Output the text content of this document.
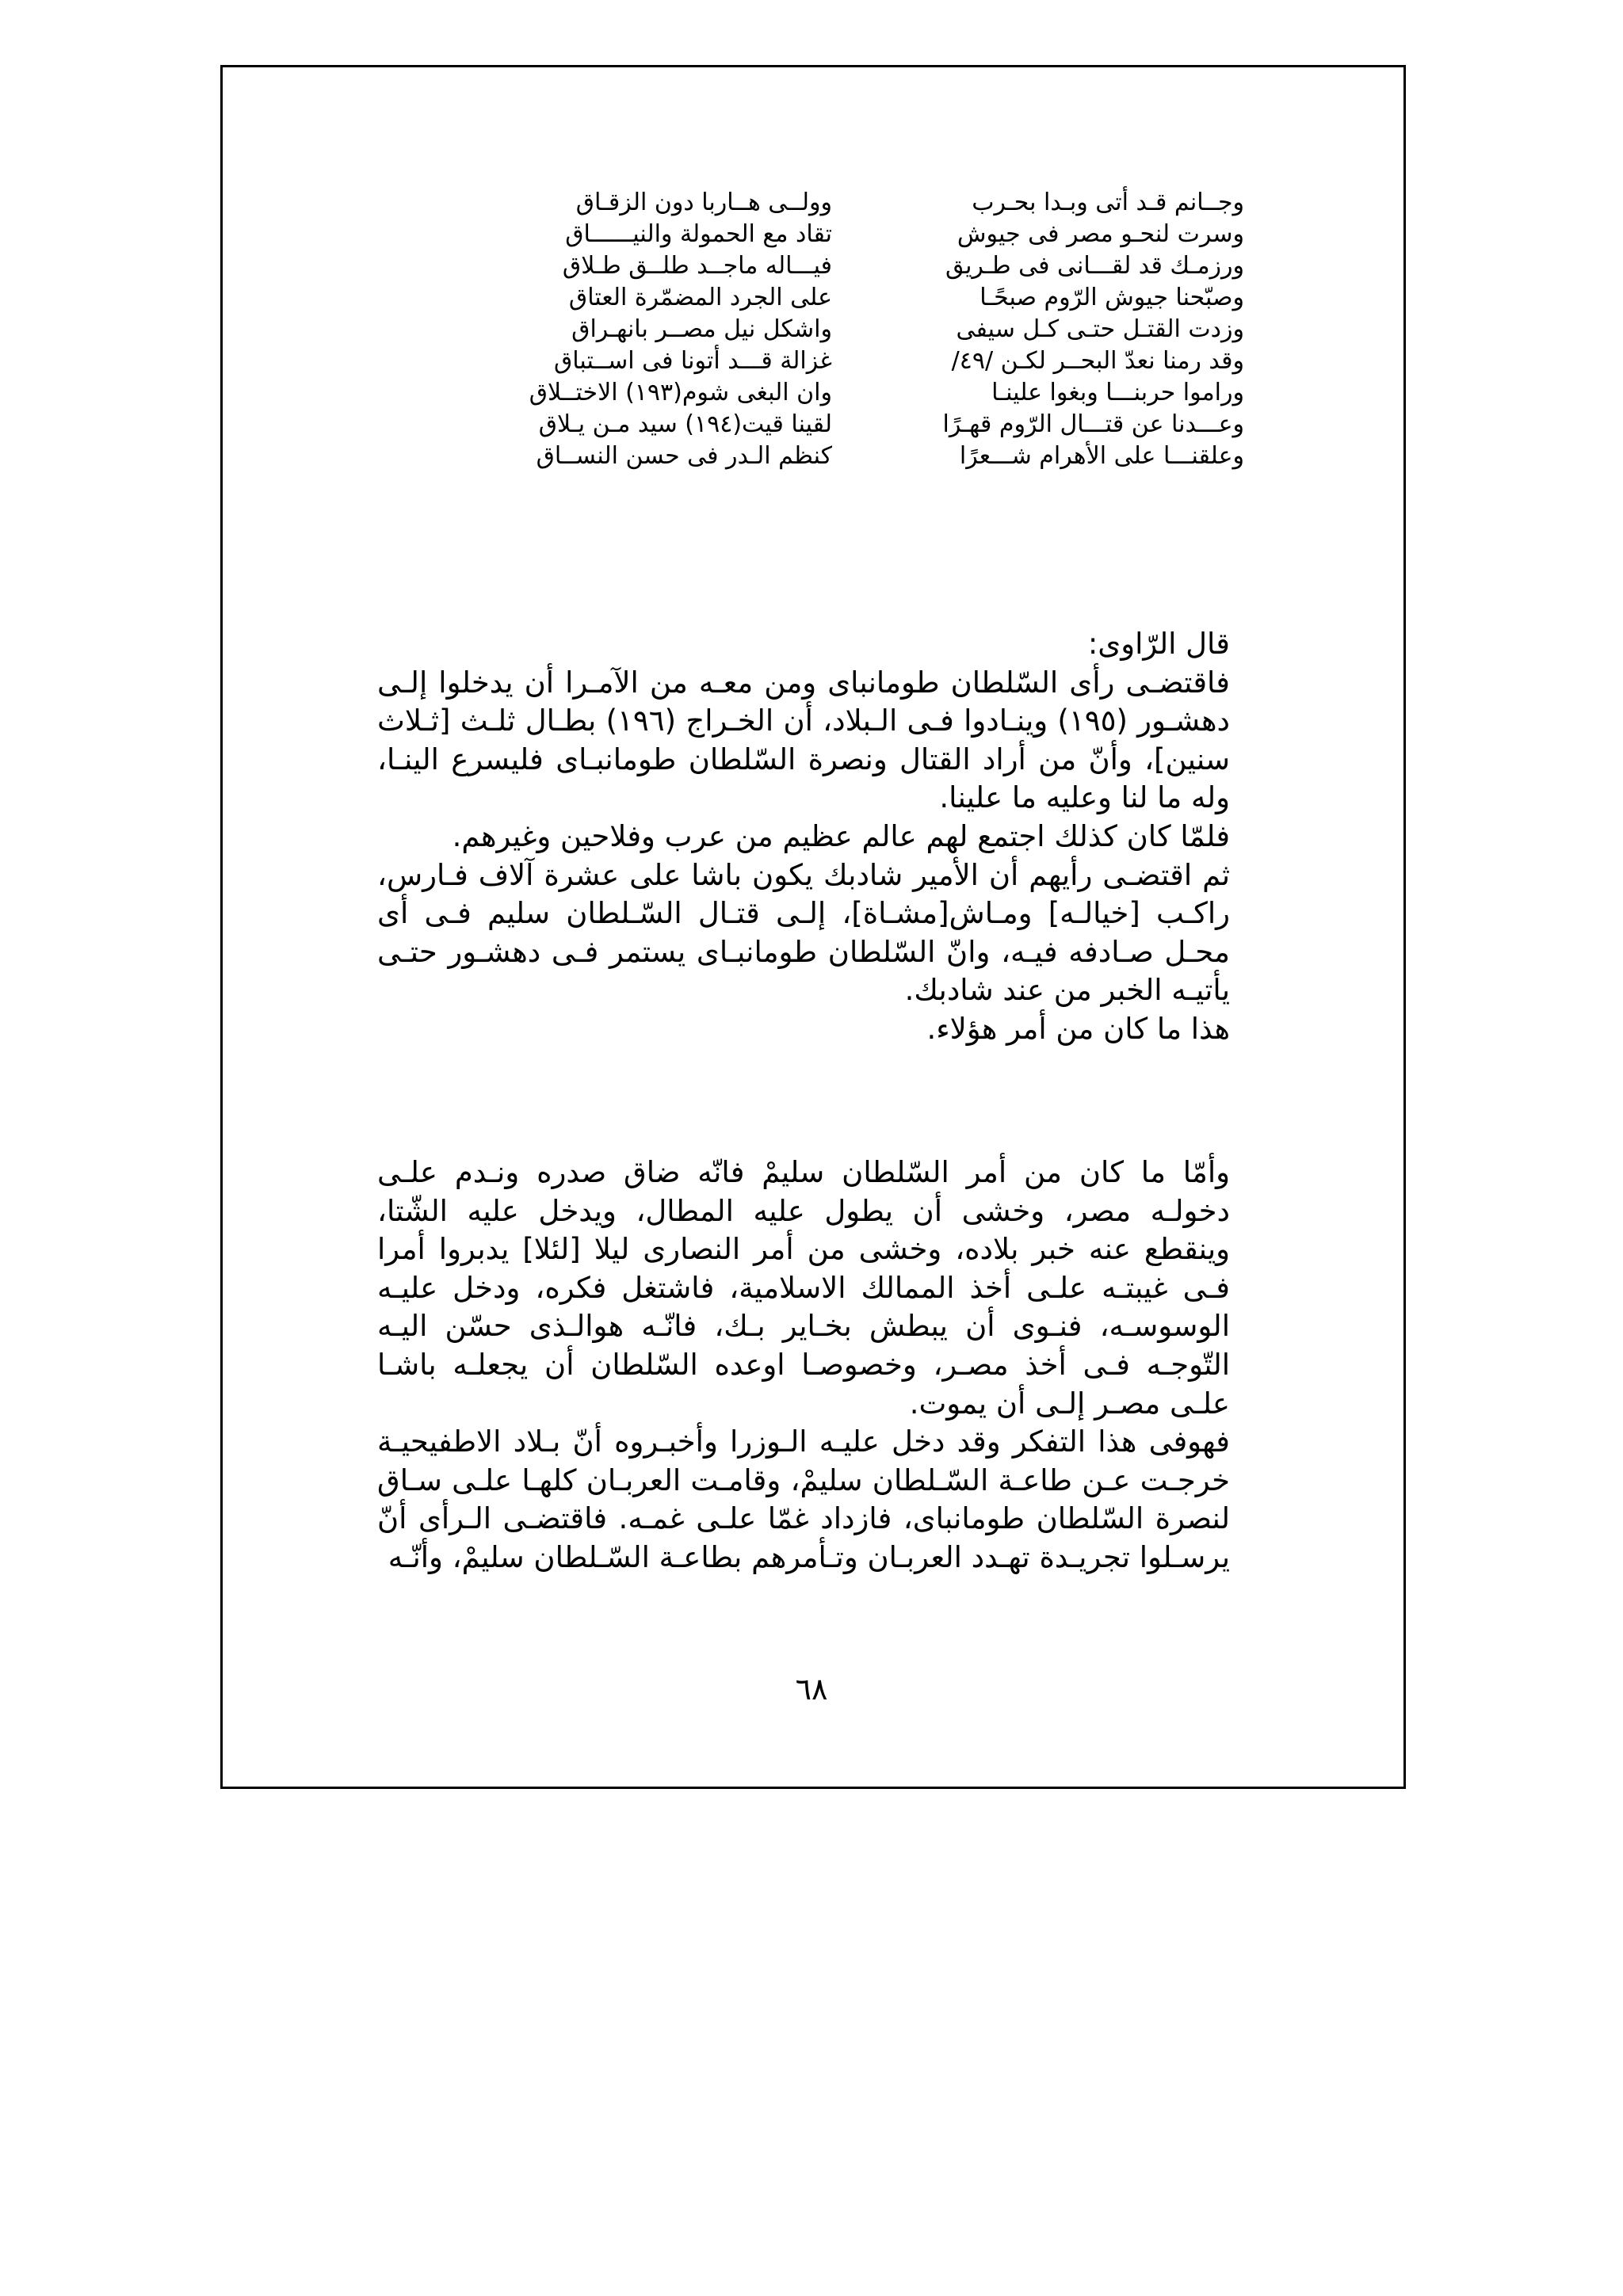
وجــانم قـد أتى وبـدا بحـرب
وسرت لنحـو مصر فى جيوش
ورزمـك قد لقـــانى فى طـريق
وصبّحنا جيوش الرّوم صبحًـا
وزدت القتـل حتـى كـل سيفى
وقد رمنا نعدّ البحــر لكـن /٤٩/
وراموا حربنـــا وبغوا علينـا
وعـــدنا عن قتـــال الرّوم قهـرًا
وعلقنـــا على الأهرام شـــعرًا
وولــى هــاربا دون الزقـاق
تقاد مع الحمولة والنيــــــاق
فيـــاله ماجــد طلــق طـلاق
على الجرد المضمّرة العتاق
واشكل نيل مصــر بانهـراق
غزالة قـــد أتونا فى اســتباق
وان البغى شوم(١٩٣) الاختــلاق
لقينا قيت(١٩٤) سيد مـن يـلاق
كنظم الـدر فى حسن النســاق

قال الرّاوى:

فاقتضـى رأى السّلطان طومانباى ومن معـه من الآمـرا أن يدخلوا إلـى دهشـور (١٩٥) وينـادوا فـى الـبلاد، أن الخـراج (١٩٦) بطـال ثلـث [ثـلاث سنين]، وأنّ من أراد القتال ونصرة السّلطان طومانبـاى فليسرع الينـا، وله ما لنا وعليه ما علينا.

فلمّا كان كذلك اجتمع لهم عالم عظيم من عرب وفلاحين وغيرهم.

ثم اقتضـى رأيهم أن الأمير شادبك يكون باشا على عشرة آلاف فـارس، راكـب [خيالـه] ومـاش[مشـاة]، إلـى قتـال السّـلطان سليم فـى أى محـل صـادفه فيـه، وانّ السّلطان طومانبـاى يستمر فـى دهشـور حتـى يأتيـه الخبر من عند شادبك.

هذا ما كان من أمر هؤلاء.

وأمّا ما كان من أمر السّلطان سليمْ فانّه ضاق صدره ونـدم علـى دخولـه مصر، وخشى أن يطول عليه المطال، ويدخل عليه الشّتا، وينقطع عنه خبر بلاده، وخشى من أمر النصارى ليلا [لئلا] يدبروا أمرا فـى غيبتـه علـى أخذ الممالك الاسلامية، فاشتغل فكره، ودخل عليـه الوسوسـه، فنـوى أن يبطش بخـاير بـك، فانّـه هوالـذى حسّن اليـه التّوجـه فـى أخذ مصـر، وخصوصـا اوعده السّلطان أن يجعلـه باشـا علـى مصـر إلـى أن يموت.

فهوفى هذا التفكر وقد دخل عليـه الـوزرا وأخبـروه أنّ بـلاد الاطفيحيـة خرجـت عـن طاعـة السّـلطان سليمْ، وقامـت العربـان كلهـا علـى سـاق لنصرة السّلطان طومانباى، فازداد غمّا علـى غمـه. فاقتضـى الـرأى أنّ يرسـلوا تجريـدة تهـدد العربـان وتـأمرهم بطاعـة السّـلطان سليمْ، وأنّـه

٦٨
